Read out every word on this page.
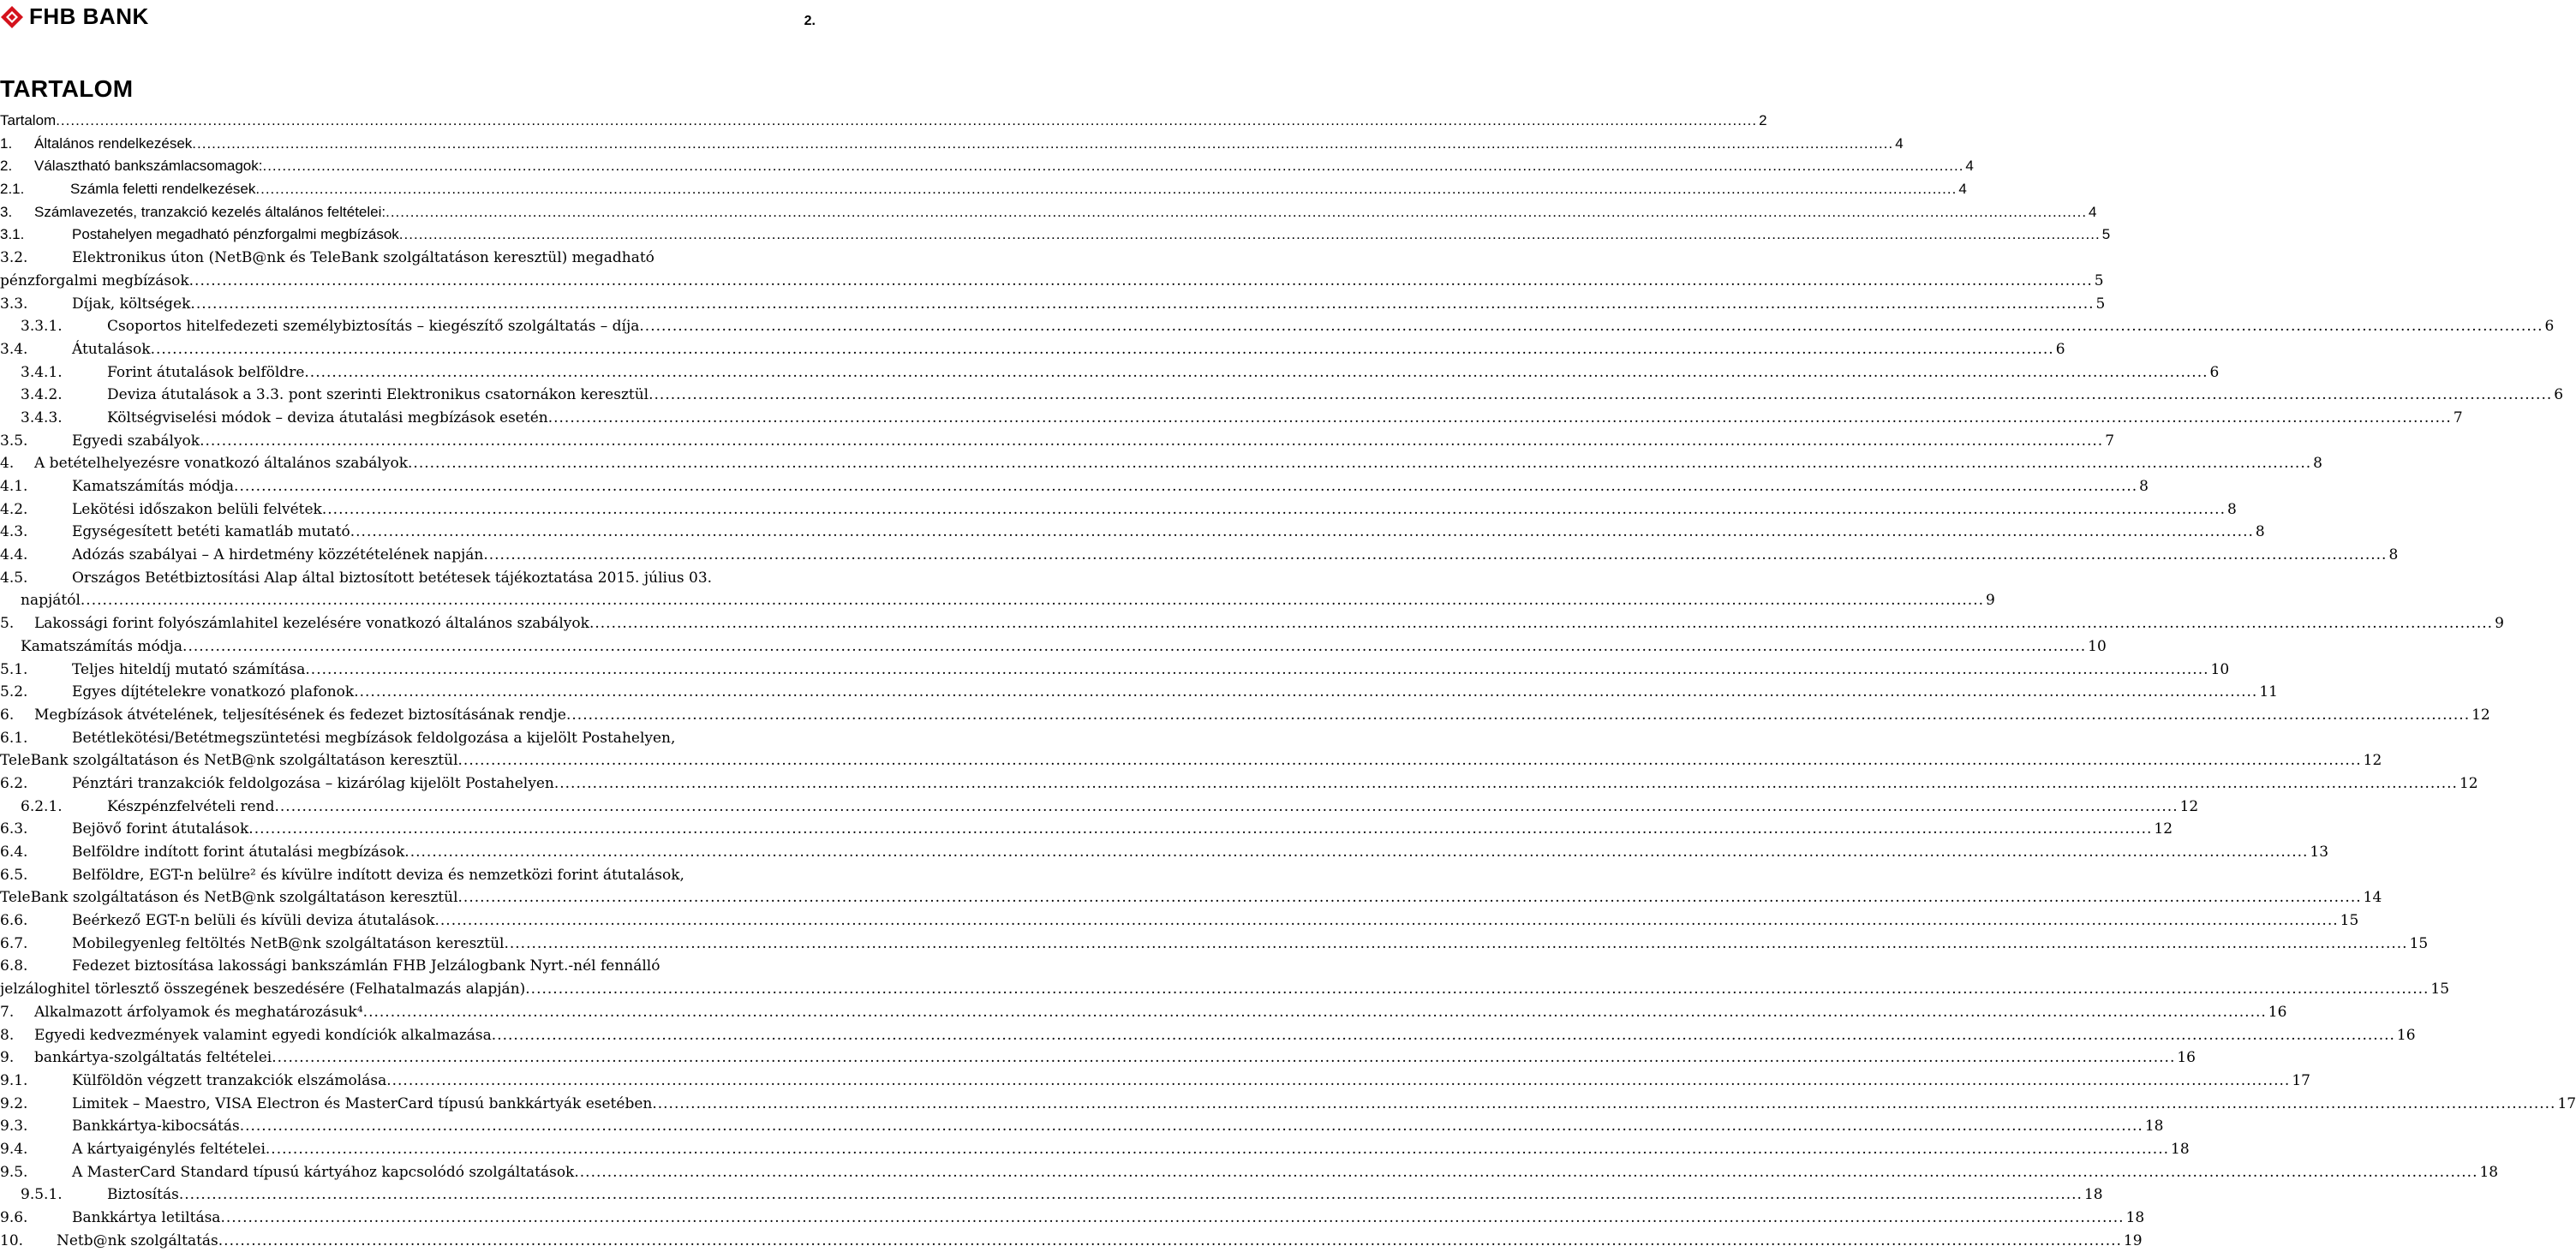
FHB BANK	2.
TARTALOM
Tartalom .....	2
1. Általános rendelkezések .....	4
2. Választható bankszámlacsomagok: .....	4
2.1.	Számla feletti rendelkezések .....	4
3. Számlavezetés, tranzakció kezelés általános feltételei: .....	4
3.1.	Postahelyen megadható pénzforgalmi megbízások .....	5
3.2.	Elektronikus úton (NetB@nk és TeleBank szolgáltatáson keresztül) megadható
pénzforgalmi megbízások .....	5
3.3.	Díjak, költségek .....	5
3.3.1.	Csoportos hitelfedezeti személybiztosítás – kiegészítő szolgáltatás – díja .....	6
3.4.	Átutalások .....	6
3.4.1.	Forint átutalások belföldre .....	6
3.4.2.	Deviza átutalások a 3.3. pont szerinti Elektronikus csatornákon keresztül .....	6
3.4.3.	Költségviselési módok – deviza átutalási megbízások esetén .....	7
3.5.	Egyedi szabályok .....	7
4. A betételhelyezésre vonatkozó általános szabályok .....	8
4.1.	Kamatszámítás módja .....	8
4.2.	Lekötési időszakon belüli felvétek .....	8
4.3.	Egységesített betéti kamatláb mutató .....	8
4.4.	Adózás szabályai – A hirdetmény közzétételének napján .....	8
4.5.	Országos Betétbiztosítási Alap által biztosított betétesek tájékoztatása 2015. július 03.
napjától .....	9
5. Lakossági forint folyószámlahitel kezelésére vonatkozó általános szabályok .....	9
Kamatszámítás módja .....	10
5.1.	Teljes hiteldíj mutató számítása .....	10
5.2.	Egyes díjtételekre vonatkozó plafonok .....	11
6. Megbízások átvételének, teljesítésének és fedezet biztosításának rendje .....	12
6.1.	Betétlekötési/Betétmegszüntetési megbízások feldolgozása a kijelölt Postahelyen,
TeleBank szolgáltatáson és NetB@nk szolgáltatáson keresztül .....	12
6.2.	Pénztári tranzakciók feldolgozása – kizárólag kijelölt Postahelyen .....	12
6.2.1.	Készpénzfelvételi rend .....	12
6.3.	Bejövő forint átutalások .....	12
6.4.	Belföldre indított forint átutalási megbízások .....	13
6.5.	Belföldre, EGT-n belülre² és kívülre indított deviza és nemzetközi forint átutalások,
TeleBank szolgáltatáson és NetB@nk szolgáltatáson keresztül .....	14
6.6.	Beérkező EGT-n belüli és kívüli deviza átutalások .....	15
6.7.	Mobilegyenleg feltöltés NetB@nk szolgáltatáson keresztül .....	15
6.8.	Fedezet biztosítása lakossági bankszámlán FHB Jelzálogbank Nyrt.-nél fennálló
jelzáloghitel törlesztő összegének beszedésére (Felhatalmazás alapján) .....	15
7. Alkalmazott árfolyamok és meghatározásuk⁴ .....	16
8. Egyedi kedvezmények valamint egyedi kondíciók alkalmazása .....	16
9. bankártya-szolgáltatás feltételei .....	16
9.1.	Külföldön végzett tranzakciók elszámolása .....	17
9.2.	Limitek – Maestro, VISA Electron és MasterCard típusú bankkártyák esetében .....	17
9.3.	Bankkártya-kibocsátás .....	18
9.4.	A kártyaigénylés feltételei .....	18
9.5.	A MasterCard Standard típusú kártyához kapcsolódó szolgáltatások .....	18
9.5.1.	Biztosítás .....	18
9.6.	Bankkártya letiltása .....	18
10. Netb@nk szolgáltatás .....	19
